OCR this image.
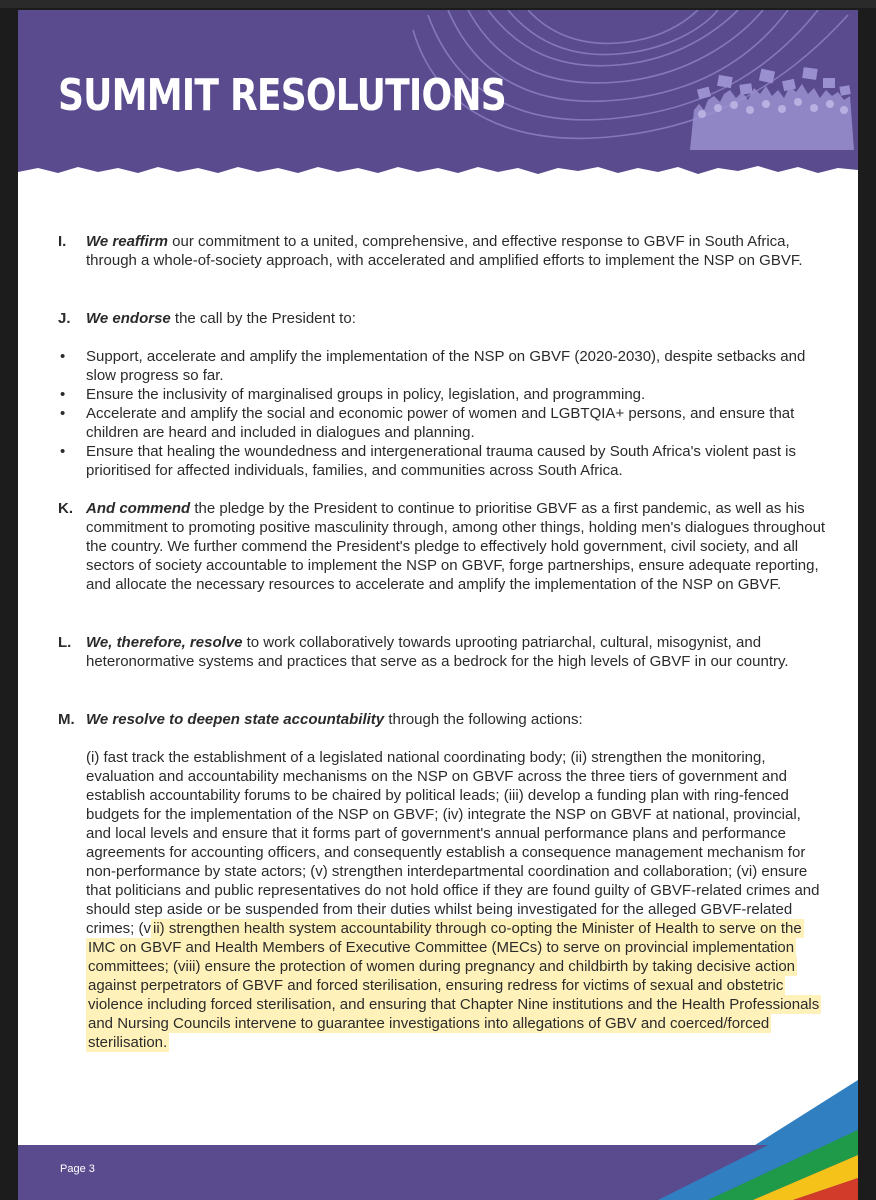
SUMMIT RESOLUTIONS
I. We reaffirm our commitment to a united, comprehensive, and effective response to GBVF in South Africa, through a whole-of-society approach, with accelerated and amplified efforts to implement the NSP on GBVF.
J. We endorse the call by the President to:
• Support, accelerate and amplify the implementation of the NSP on GBVF (2020-2030), despite setbacks and slow progress so far.
• Ensure the inclusivity of marginalised groups in policy, legislation, and programming.
• Accelerate and amplify the social and economic power of women and LGBTQIA+ persons, and ensure that children are heard and included in dialogues and planning.
• Ensure that healing the woundedness and intergenerational trauma caused by South Africa's violent past is prioritised for affected individuals, families, and communities across South Africa.
K. And commend the pledge by the President to continue to prioritise GBVF as a first pandemic, as well as his commitment to promoting positive masculinity through, among other things, holding men's dialogues throughout the country. We further commend the President's pledge to effectively hold government, civil society, and all sectors of society accountable to implement the NSP on GBVF, forge partnerships, ensure adequate reporting, and allocate the necessary resources to accelerate and amplify the implementation of the NSP on GBVF.
L. We, therefore, resolve to work collaboratively towards uprooting patriarchal, cultural, misogynist, and heteronormative systems and practices that serve as a bedrock for the high levels of GBVF in our country.
M. We resolve to deepen state accountability through the following actions:
(i) fast track the establishment of a legislated national coordinating body; (ii) strengthen the monitoring, evaluation and accountability mechanisms on the NSP on GBVF across the three tiers of government and establish accountability forums to be chaired by political leads; (iii) develop a funding plan with ring-fenced budgets for the implementation of the NSP on GBVF; (iv) integrate the NSP on GBVF at national, provincial, and local levels and ensure that it forms part of government's annual performance plans and performance agreements for accounting officers, and consequently establish a consequence management mechanism for non-performance by state actors; (v) strengthen interdepartmental coordination and collaboration; (vi) ensure that politicians and public representatives do not hold office if they are found guilty of GBVF-related crimes and should step aside or be suspended from their duties whilst being investigated for the alleged GBVF-related crimes; (v ii) strengthen health system accountability through co-opting the Minister of Health to serve on the IMC on GBVF and Health Members of Executive Committee (MECs) to serve on provincial implementation committees; (viii) ensure the protection of women during pregnancy and childbirth by taking decisive action against perpetrators of GBVF and forced sterilisation, ensuring redress for victims of sexual and obstetric violence including forced sterilisation, and ensuring that Chapter Nine institutions and the Health Professionals and Nursing Councils intervene to guarantee investigations into allegations of GBV and coerced/forced sterilisation.
Page 3
